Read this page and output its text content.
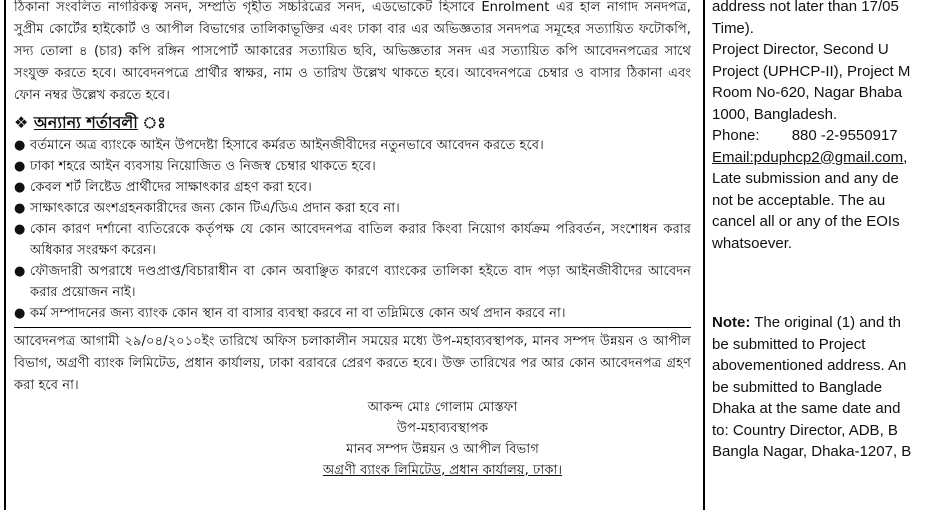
ঠিকানা সংবলিত নাগরিকত্ব সনদ, সম্প্রতি গৃহীত সচ্চরিত্রের সনদ, এডভোকেট হিসাবে Enrolment এর হাল নাগাদ সনদপত্র, সুপ্রীম কোর্টের হাইকোর্ট ও আপীল বিভাগের তালিকাভূক্তির এবং ঢাকা বার এর অভিজ্ঞতার সনদপত্র সমূহের সত্যায়িত ফটোকপি, সদ্য তোলা ৪ (চার) কপি রঙ্গিন পাসপোর্ট আকারের সত্যায়িত ছবি, অভিজ্ঞতার সনদ এর সত্যায়িত কপি আবেদনপত্রের সাথে সংযুক্ত করতে হবে। আবেদনপত্রে প্রার্থীর স্বাক্ষর, নাম ও তারিখ উল্লেখ থাকতে হবে। আবেদনপত্রে চেম্বার ও বাসার ঠিকানা এবং ফোন নম্বর উল্লেখ করতে হবে।
❖ অন্যান্য শর্তাবলী ঃ
● বর্তমানে অত্র ব্যাংকে আইন উপদেষ্টা হিসাবে কর্মরত আইনজীবীদের নতুনভাবে আবেদন করতে হবে।
● ঢাকা শহরে আইন ব্যবসায় নিয়োজিত ও নিজস্ব চেম্বার থাকতে হবে।
● কেবল শর্ট লিষ্টেড প্রার্থীদের সাক্ষাৎকার গ্রহণ করা হবে।
● সাক্ষাৎকারে অংশগ্রহনকারীদের জন্য কোন টিএ/ডিএ প্রদান করা হবে না।
● কোন কারণ দর্শানো ব্যতিরেকে কর্তৃপক্ষ যে কোন আবেদনপত্র বাতিল করার কিংবা নিয়োগ কার্যক্রম পরিবর্তন, সংশোধন করার অধিকার সংরক্ষণ করেন।
● ফৌজদারী অপরাধে দণ্ডপ্রাপ্ত/বিচারাধীন বা কোন অবাঞ্ছিত কারণে ব্যাংকের তালিকা হইতে বাদ পড়া আইনজীবীদের আবেদন করার প্রয়োজন নাই।
● কর্ম সম্পাদনের জন্য ব্যাংক কোন স্থান বা বাসার ব্যবস্থা করবে না বা তদ্নিমিত্তে কোন অর্থ প্রদান করবে না।
আবেদনপত্র আগামী ২৯/০৪/২০১০ইং তারিখে অফিস চলাকালীন সময়ের মধ্যে উপ-মহাব্যবস্থাপক, মানব সম্পদ উন্নয়ন ও আপীল বিভাগ, অগ্রণী ব্যাংক লিমিটেড, প্রধান কার্যালয়, ঢাকা বরাবরে প্রেরণ করতে হবে। উক্ত তারিখের পর আর কোন আবেদনপত্র গ্রহণ করা হবে না।
আকন্দ মোঃ গোলাম মোস্তফা
উপ-মহাব্যবস্থাপক
মানব সম্পদ উন্নয়ন ও আপীল বিভাগ
অগ্রণী ব্যাংক লিমিটেড, প্রধান কার্যালয়, ঢাকা।
address not later than 17/05
Time).
Project Director, Second U
Project (UPHCP-II), Project M
Room No-620, Nagar Bhaba
1000, Bangladesh.
Phone: 880 -2-9550917
Email:pduphcp2@gmail.com,
Late submission and any de
not be acceptable. The au
cancel all or any of the EOIs
whatsoever.
Note: The original (1) and th
be submitted to Project
abovementioned address. An
be submitted to Banglade
Dhaka at the same date and
to: Country Director, ADB, B
Bangla Nagar, Dhaka-1207, B
